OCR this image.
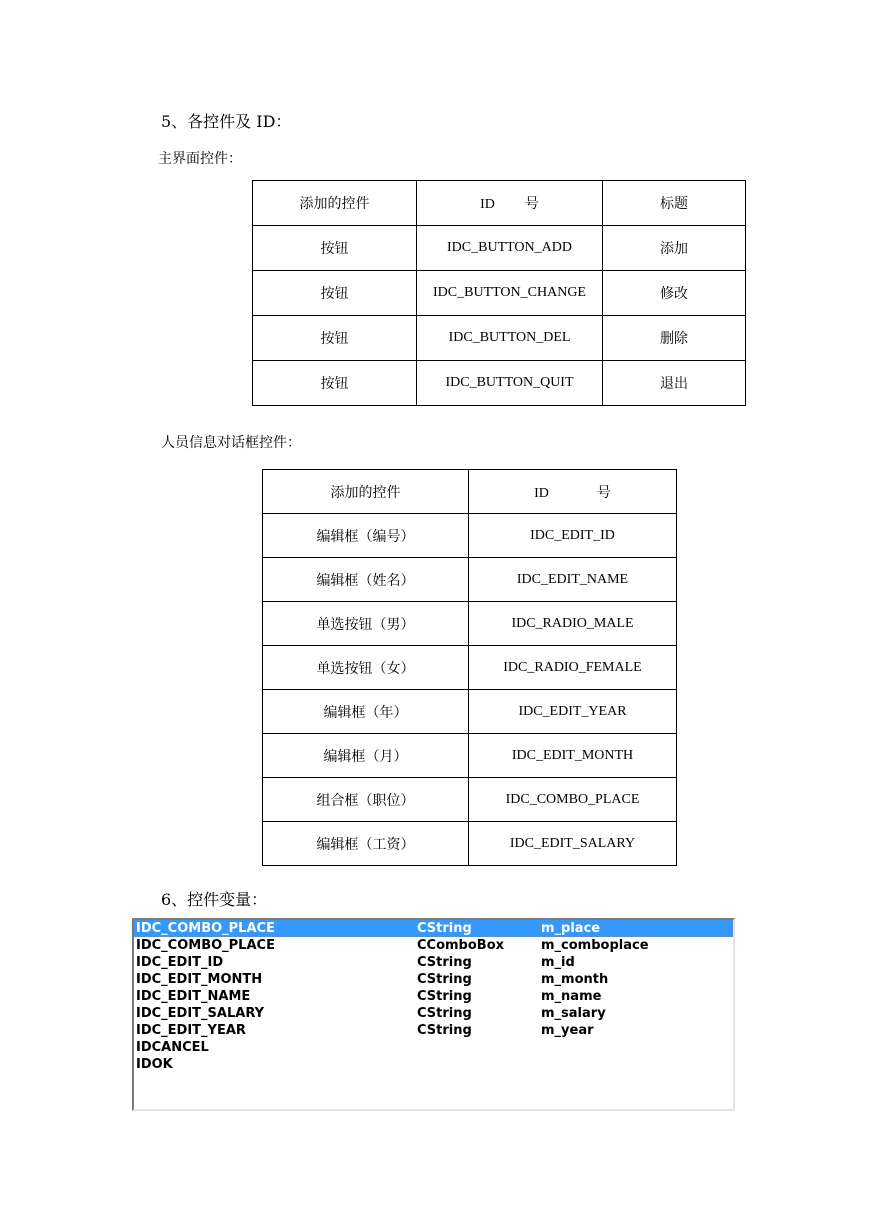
5、各控件及 ID：
主界面控件：
添加的控件	ID 号	标题
按钮	IDC_BUTTON_ADD	添加
按钮	IDC_BUTTON_CHANGE	修改
按钮	IDC_BUTTON_DEL	删除
按钮	IDC_BUTTON_QUIT	退出
人员信息对话框控件：
添加的控件	ID 号
编辑框（编号）	IDC_EDIT_ID
编辑框（姓名）	IDC_EDIT_NAME
单选按钮（男）	IDC_RADIO_MALE
单选按钮（女）	IDC_RADIO_FEMALE
编辑框（年）	IDC_EDIT_YEAR
编辑框（月）	IDC_EDIT_MONTH
组合框（职位）	IDC_COMBO_PLACE
编辑框（工资）	IDC_EDIT_SALARY
6、控件变量：
IDC_COMBO_PLACE	CString	m_place
IDC_COMBO_PLACE	CComboBox	m_comboplace
IDC_EDIT_ID	CString	m_id
IDC_EDIT_MONTH	CString	m_month
IDC_EDIT_NAME	CString	m_name
IDC_EDIT_SALARY	CString	m_salary
IDC_EDIT_YEAR	CString	m_year
IDCANCEL
IDOK
